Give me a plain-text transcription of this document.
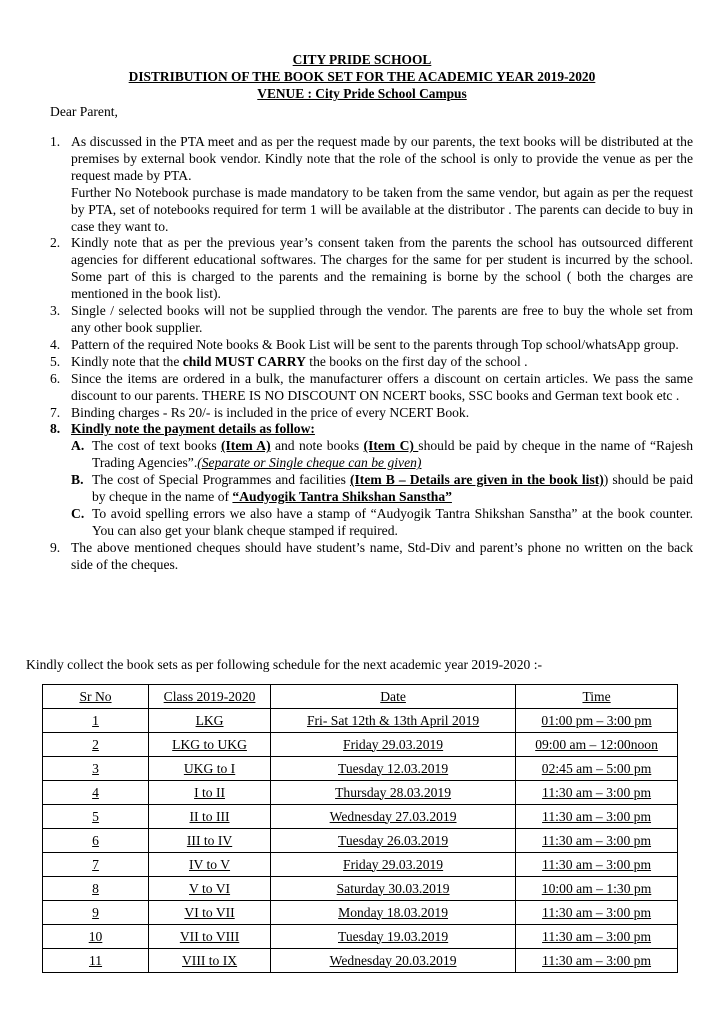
CITY PRIDE SCHOOL
DISTRIBUTION OF THE BOOK SET FOR THE ACADEMIC YEAR 2019-2020
VENUE : City Pride School Campus
Dear Parent,
1. As discussed in the PTA meet and as per the request made by our parents, the text books will be distributed at the premises by external book vendor. Kindly note that the role of the school is only to provide the venue as per the request made by PTA.
Further No Notebook purchase is made mandatory to be taken from the same vendor, but again as per the request by PTA, set of notebooks required for term 1 will be available at the distributor . The parents can decide to buy in case they want to.
2. Kindly note that as per the previous year’s consent taken from the parents the school has outsourced different agencies for different educational softwares. The charges for the same for per student is incurred by the school. Some part of this is charged to the parents and the remaining is borne by the school ( both the charges are mentioned in the book list).
3. Single / selected books will not be supplied through the vendor. The parents are free to buy the whole set from any other book supplier.
4. Pattern of the required Note books & Book List will be sent to the parents through Top school/whatsApp group.
5. Kindly note that the child MUST CARRY the books on the first day of the school .
6. Since the items are ordered in a bulk, the manufacturer offers a discount on certain articles. We pass the same discount to our parents. THERE IS NO DISCOUNT ON NCERT books, SSC books and German text book etc .
7. Binding charges - Rs 20/- is included in the price of every NCERT Book.
8. Kindly note the payment details as follow:
A. The cost of text books (Item A) and note books (Item C) should be paid by cheque in the name of “Rajesh Trading Agencies”.(Separate or Single cheque can be given)
B. The cost of Special Programmes and facilities (Item B – Details are given in the book list)) should be paid by cheque in the name of “Audyogik Tantra Shikshan Sanstha”
C. To avoid spelling errors we also have a stamp of “Audyogik Tantra Shikshan Sanstha” at the book counter. You can also get your blank cheque stamped if required.
9. The above mentioned cheques should have student’s name, Std-Div and parent’s phone no written on the back side of the cheques.
Kindly collect the book sets as per following schedule for the next academic year 2019-2020 :-
Sr No	Class 2019-2020	Date	Time
1	LKG	Fri- Sat 12th & 13th April 2019	01:00 pm – 3:00 pm
2	LKG to UKG	Friday 29.03.2019	09:00 am – 12:00noon
3	UKG to I	Tuesday 12.03.2019	02:45 am – 5:00 pm
4	I to II	Thursday 28.03.2019	11:30 am – 3:00 pm
5	II to III	Wednesday 27.03.2019	11:30 am – 3:00 pm
6	III to IV	Tuesday 26.03.2019	11:30 am – 3:00 pm
7	IV to V	Friday 29.03.2019	11:30 am – 3:00 pm
8	V to VI	Saturday 30.03.2019	10:00 am – 1:30 pm
9	VI to VII	Monday 18.03.2019	11:30 am – 3:00 pm
10	VII to VIII	Tuesday 19.03.2019	11:30 am – 3:00 pm
11	VIII to IX	Wednesday 20.03.2019	11:30 am – 3:00 pm
